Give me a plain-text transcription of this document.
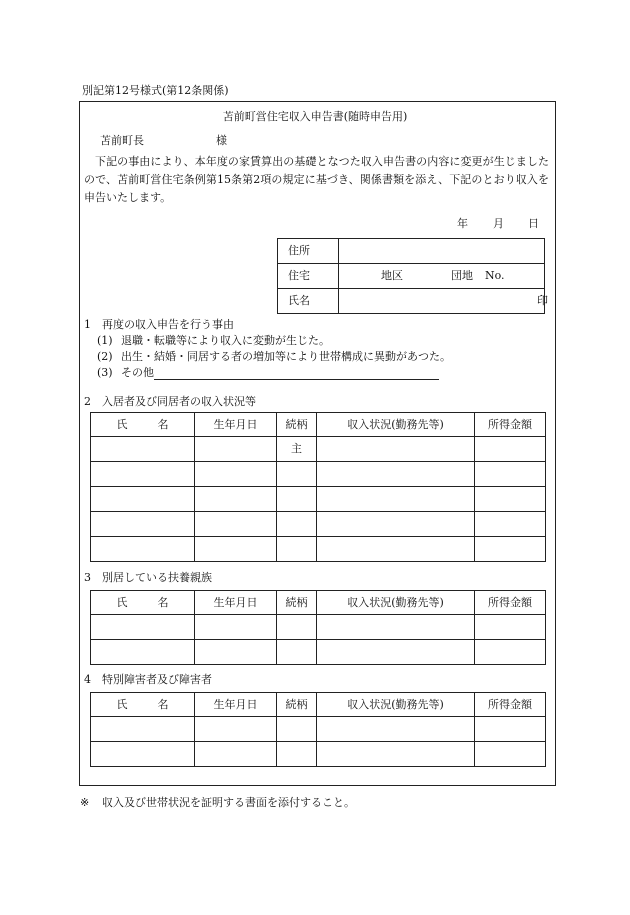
別記第12号様式(第12条関係)
苫前町営住宅収入申告書(随時申告用)
苫前町長	様

下記の事由により、本年度の家賃算出の基礎となつた収入申告書の内容に変更が生じましたので、苫前町営住宅条例第15条第2項の規定に基づき、関係書類を添え、下記のとおり収入を申告いたします。

年 月 日
住所	
住宅	地区 団地 No.

氏名	印
1　再度の収入申告を行う事由
(1) 退職・転職等により収入に変動が生じた。
(2) 出生・結婚・同居する者の増加等により世帯構成に異動があつた。
(3) その他
2　入居者及び同居者の収入状況等
氏 名	生年月日	続柄	収入状況(勤務先等)	所得金額
		主		

3　別居している扶養親族
氏 名	生年月日	続柄	収入状況(勤務先等)	所得金額

4　特別障害者及び障害者
氏 名	生年月日	続柄	収入状況(勤務先等)	所得金額

※ 収入及び世帯状況を証明する書面を添付すること。
